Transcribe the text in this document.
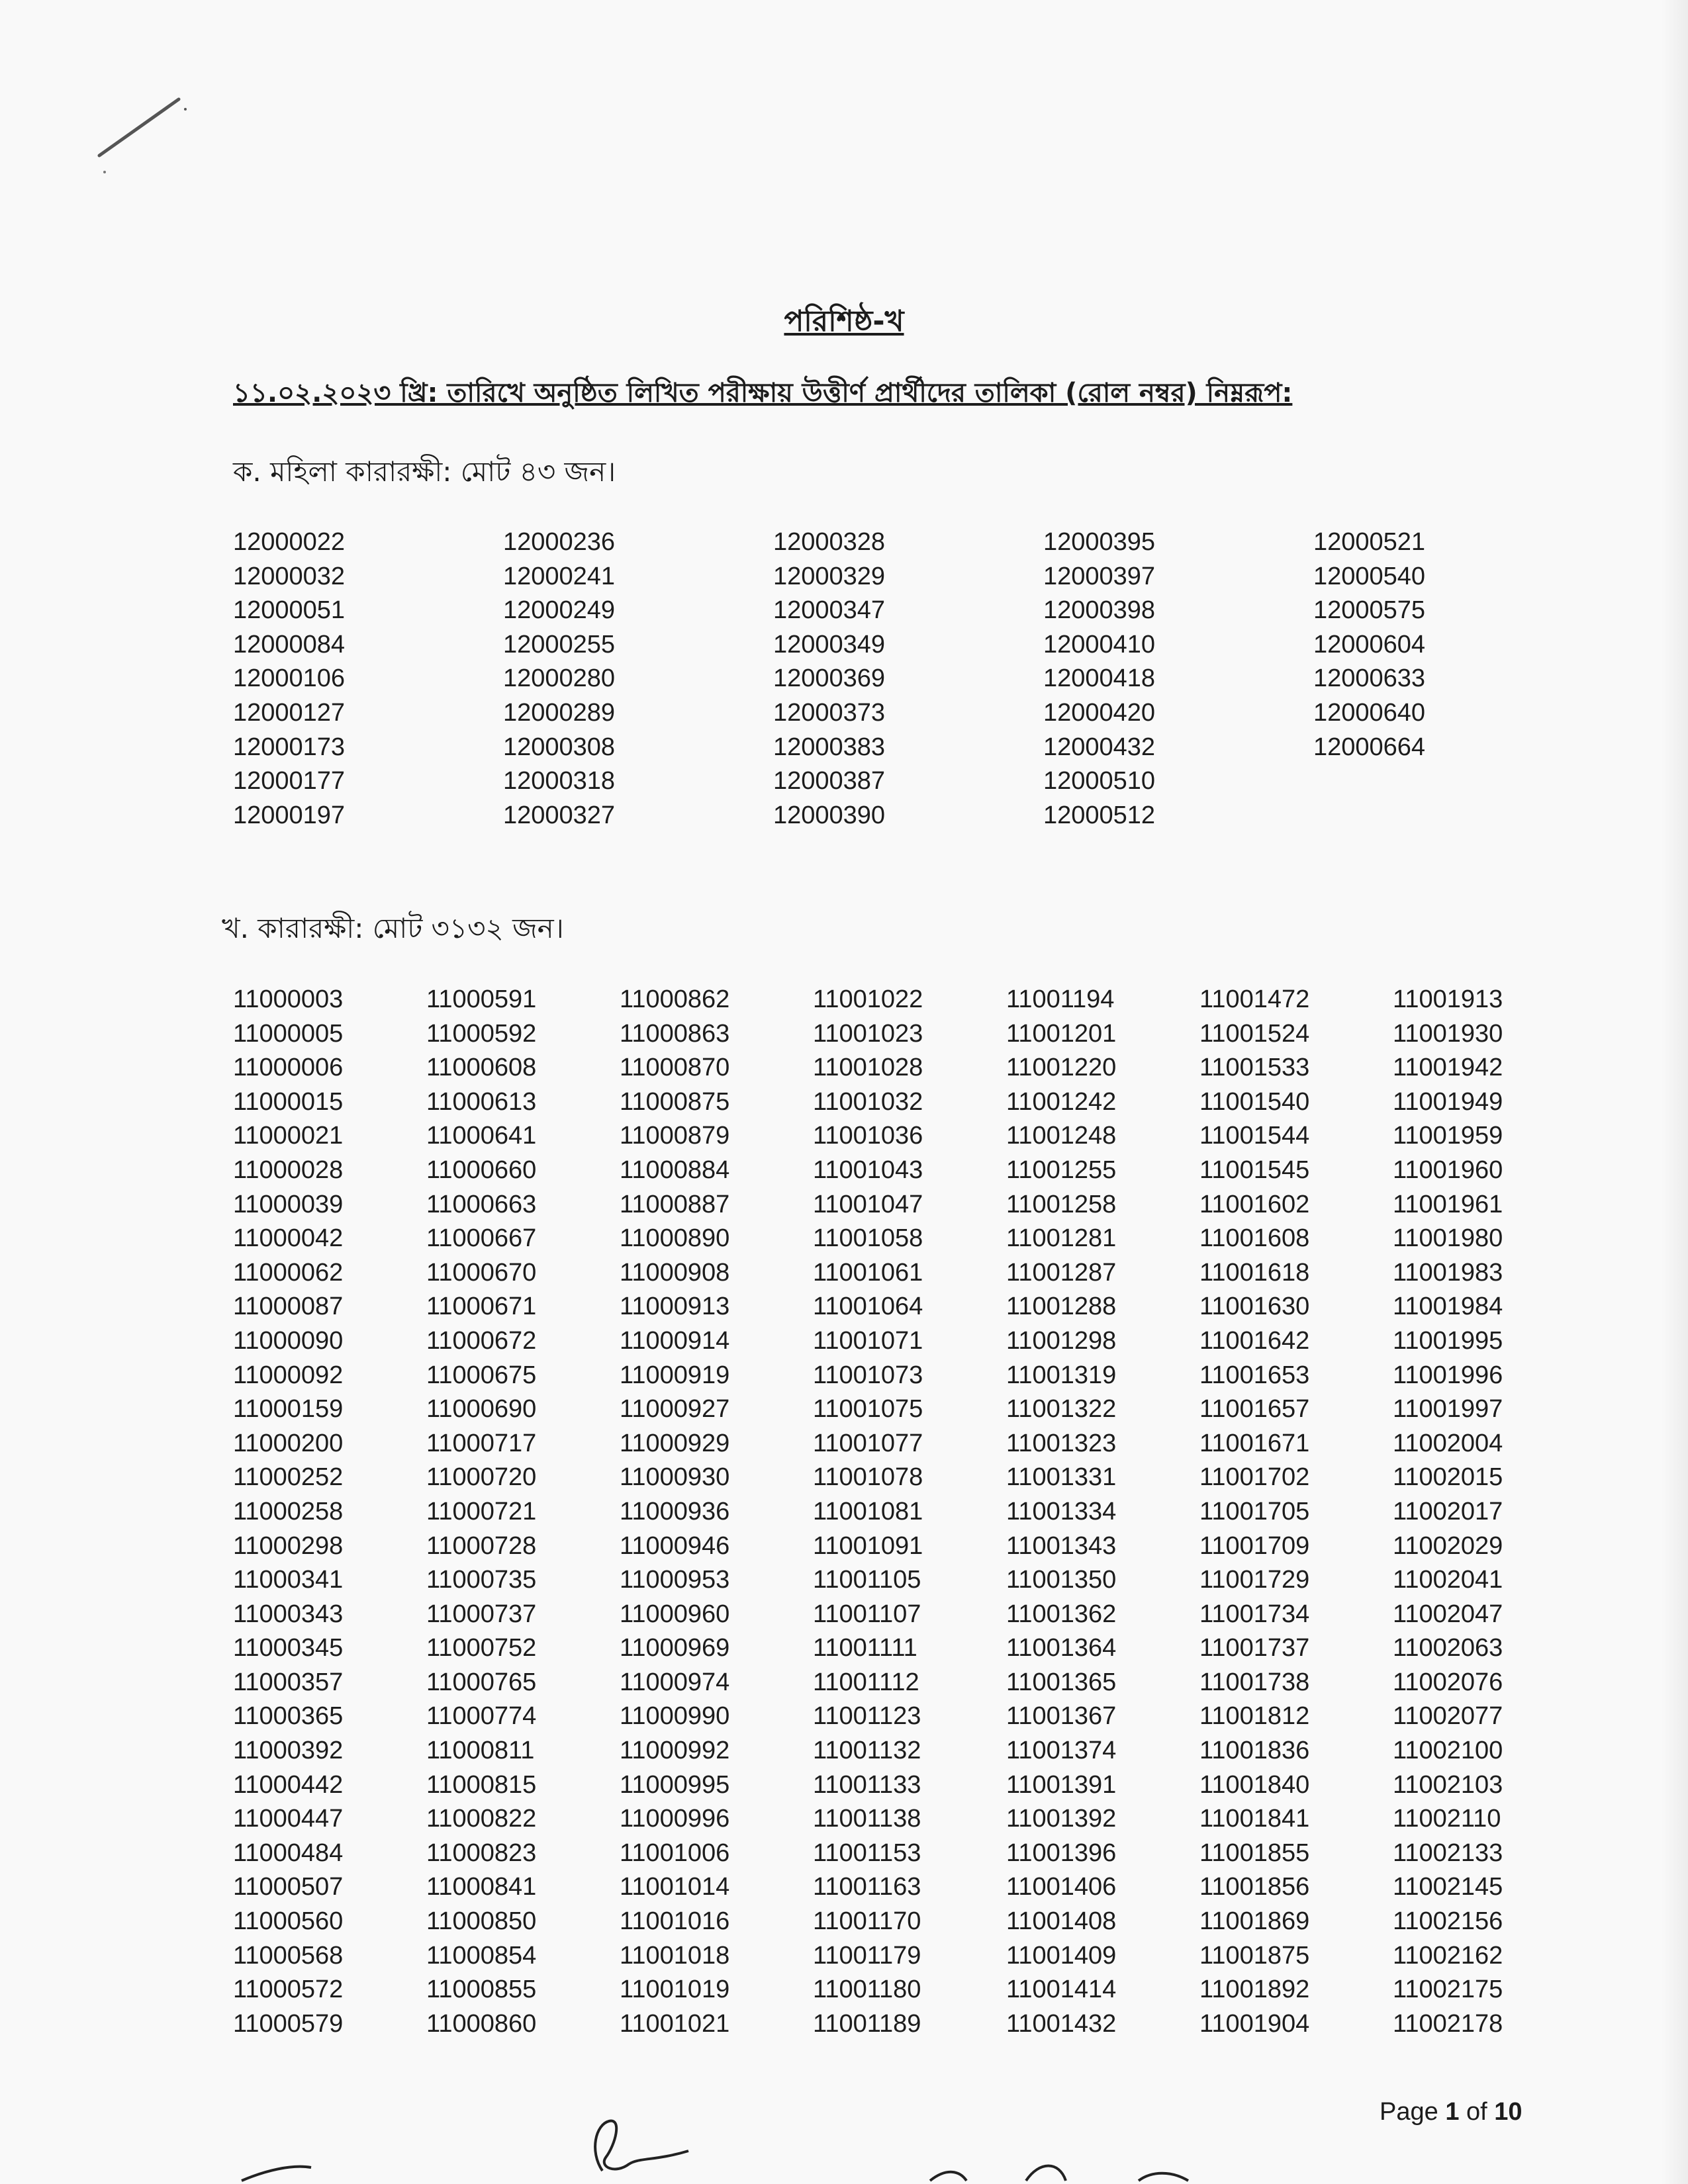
পরিশিষ্ঠ-খ
১১.০২.২০২৩ খ্রি: তারিখে অনুষ্ঠিত লিখিত পরীক্ষায় উত্তীর্ণ প্রার্থীদের তালিকা (রোল নম্বর) নিম্নরূপ:
ক. মহিলা কারারক্ষী: মোট ৪৩ জন।
12000022
12000032
12000051
12000084
12000106
12000127
12000173
12000177
12000197
12000236
12000241
12000249
12000255
12000280
12000289
12000308
12000318
12000327
12000328
12000329
12000347
12000349
12000369
12000373
12000383
12000387
12000390
12000395
12000397
12000398
12000410
12000418
12000420
12000432
12000510
12000512
12000521
12000540
12000575
12000604
12000633
12000640
12000664
খ. কারারক্ষী: মোট ৩১৩২ জন।
11000003
11000005
11000006
11000015
11000021
11000028
11000039
11000042
11000062
11000087
11000090
11000092
11000159
11000200
11000252
11000258
11000298
11000341
11000343
11000345
11000357
11000365
11000392
11000442
11000447
11000484
11000507
11000560
11000568
11000572
11000579
11000591
11000592
11000608
11000613
11000641
11000660
11000663
11000667
11000670
11000671
11000672
11000675
11000690
11000717
11000720
11000721
11000728
11000735
11000737
11000752
11000765
11000774
11000811
11000815
11000822
11000823
11000841
11000850
11000854
11000855
11000860
11000862
11000863
11000870
11000875
11000879
11000884
11000887
11000890
11000908
11000913
11000914
11000919
11000927
11000929
11000930
11000936
11000946
11000953
11000960
11000969
11000974
11000990
11000992
11000995
11000996
11001006
11001014
11001016
11001018
11001019
11001021
11001022
11001023
11001028
11001032
11001036
11001043
11001047
11001058
11001061
11001064
11001071
11001073
11001075
11001077
11001078
11001081
11001091
11001105
11001107
11001111
11001112
11001123
11001132
11001133
11001138
11001153
11001163
11001170
11001179
11001180
11001189
11001194
11001201
11001220
11001242
11001248
11001255
11001258
11001281
11001287
11001288
11001298
11001319
11001322
11001323
11001331
11001334
11001343
11001350
11001362
11001364
11001365
11001367
11001374
11001391
11001392
11001396
11001406
11001408
11001409
11001414
11001432
11001472
11001524
11001533
11001540
11001544
11001545
11001602
11001608
11001618
11001630
11001642
11001653
11001657
11001671
11001702
11001705
11001709
11001729
11001734
11001737
11001738
11001812
11001836
11001840
11001841
11001855
11001856
11001869
11001875
11001892
11001904
11001913
11001930
11001942
11001949
11001959
11001960
11001961
11001980
11001983
11001984
11001995
11001996
11001997
11002004
11002015
11002017
11002029
11002041
11002047
11002063
11002076
11002077
11002100
11002103
11002110
11002133
11002145
11002156
11002162
11002175
11002178
Page 1 of 10
